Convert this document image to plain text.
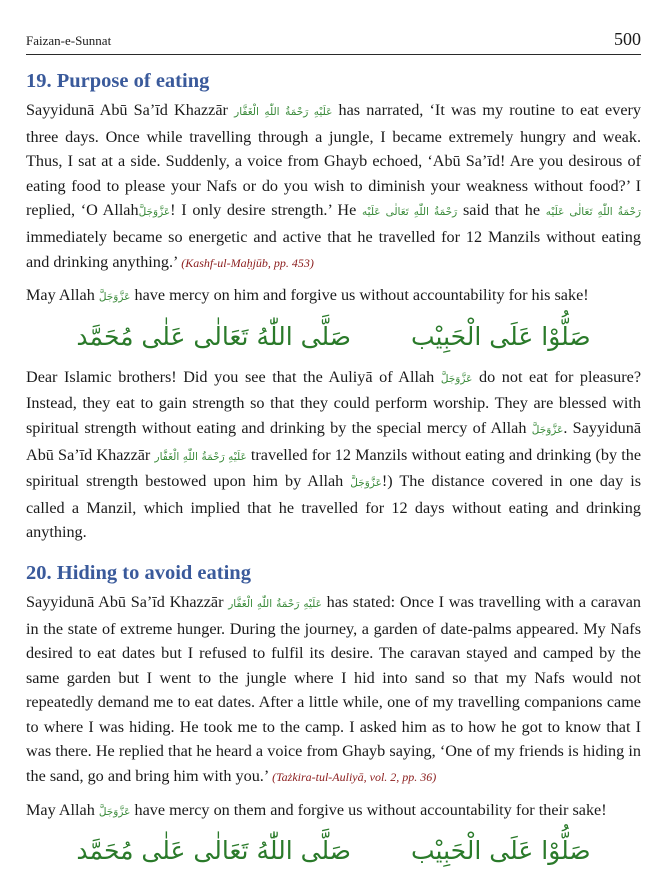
Faizan-e-Sunnat	500
19. Purpose of eating

Sayyidunā Abū Sa’īd Khazzār عَلَيْهِ رَحْمَةُ اللّٰهِ الْغَفَّار has narrated, ‘It was my routine to eat every three days. Once while travelling through a jungle, I became extremely hungry and weak. Thus, I sat at a side. Suddenly, a voice from Ghayb echoed, ‘Abū Sa’īd! Are you desirous of eating food to please your Nafs or do you wish to diminish your weakness without food?’ I replied, ‘O Allahعَزَّوَجَلَّ! I only desire strength.’ He رَحْمَةُ اللّٰهِ تَعَالٰی عَلَيْه said that he رَحْمَةُ اللّٰهِ تَعَالٰی عَلَيْه immediately became so energetic and active that he travelled for 12 Manzils without eating and drinking anything.’ (Kashf-ul-Maḥjūb, pp. 453)

May Allah عَزَّوَجَلَّ have mercy on him and forgive us without accountability for his sake!

صَلُّوْا عَلَی الْحَبِيْب
صَلَّی اللّٰهُ تَعَالٰی عَلٰی مُحَمَّد

Dear Islamic brothers! Did you see that the Auliyā of Allah عَزَّوَجَلَّ do not eat for pleasure? Instead, they eat to gain strength so that they could perform worship. They are blessed with spiritual strength without eating and drinking by the special mercy of Allah عَزَّوَجَلَّ. Sayyidunā Abū Sa’īd Khazzār عَلَيْهِ رَحْمَةُ اللّٰهِ الْغَفَّار travelled for 12 Manzils without eating and drinking (by the spiritual strength bestowed upon him by Allah عَزَّوَجَلَّ!) The distance covered in one day is called a Manzil, which implied that he travelled for 12 days without eating and drinking anything.

20. Hiding to avoid eating

Sayyidunā Abū Sa’īd Khazzār عَلَيْهِ رَحْمَةُ اللّٰهِ الْغَفَّار has stated: Once I was travelling with a caravan in the state of extreme hunger. During the journey, a garden of date-palms appeared. My Nafs desired to eat dates but I refused to fulfil its desire. The caravan stayed and camped by the same garden but I went to the jungle where I hid into sand so that my Nafs would not repeatedly demand me to eat dates. After a little while, one of my travelling companions came to where I was hiding. He took me to the camp. I asked him as to how he got to know that I was there. He replied that he heard a voice from Ghayb saying, ‘One of my friends is hiding in the sand, go and bring him with you.’ (Tażkira-tul-Auliyā, vol. 2, pp. 36)

May Allah عَزَّوَجَلَّ have mercy on them and forgive us without accountability for their sake!

صَلُّوْا عَلَی الْحَبِيْب
صَلَّی اللّٰهُ تَعَالٰی عَلٰی مُحَمَّد
